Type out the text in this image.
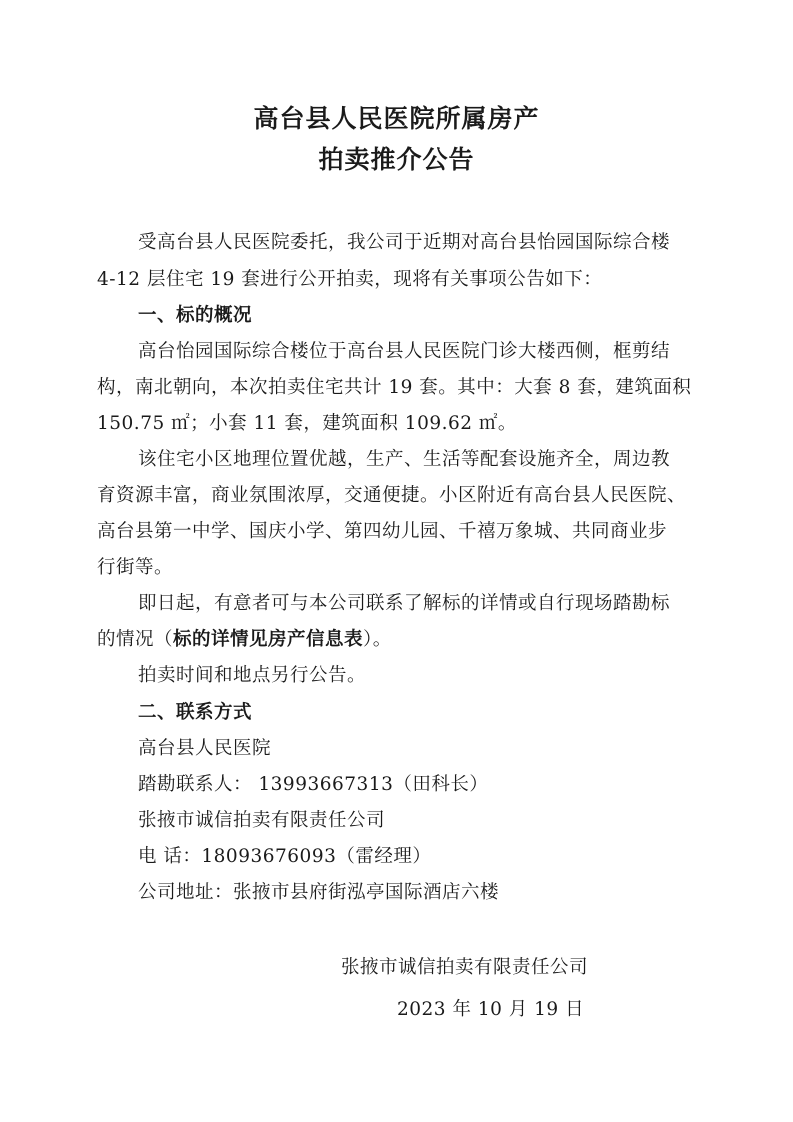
高台县人民医院所属房产
拍卖推介公告
受高台县人民医院委托，我公司于近期对高台县怡园国际综合楼
4-12 层住宅 19 套进行公开拍卖，现将有关事项公告如下：
一、标的概况
高台怡园国际综合楼位于高台县人民医院门诊大楼西侧，框剪结
构，南北朝向，本次拍卖住宅共计 19 套。其中：大套 8 套，建筑面积
150.75 ㎡；小套 11 套，建筑面积 109.62 ㎡。
该住宅小区地理位置优越，生产、生活等配套设施齐全，周边教
育资源丰富，商业氛围浓厚，交通便捷。小区附近有高台县人民医院、
高台县第一中学、国庆小学、第四幼儿园、千禧万象城、共同商业步
行街等。
即日起，有意者可与本公司联系了解标的详情或自行现场踏勘标
的情况（标的详情见房产信息表）。
拍卖时间和地点另行公告。
二、联系方式
高台县人民医院
踏勘联系人： 13993667313（田科长）
张掖市诚信拍卖有限责任公司
电 话：18093676093（雷经理）
公司地址：张掖市县府街泓亭国际酒店六楼
张掖市诚信拍卖有限责任公司
2023 年 10 月 19 日
